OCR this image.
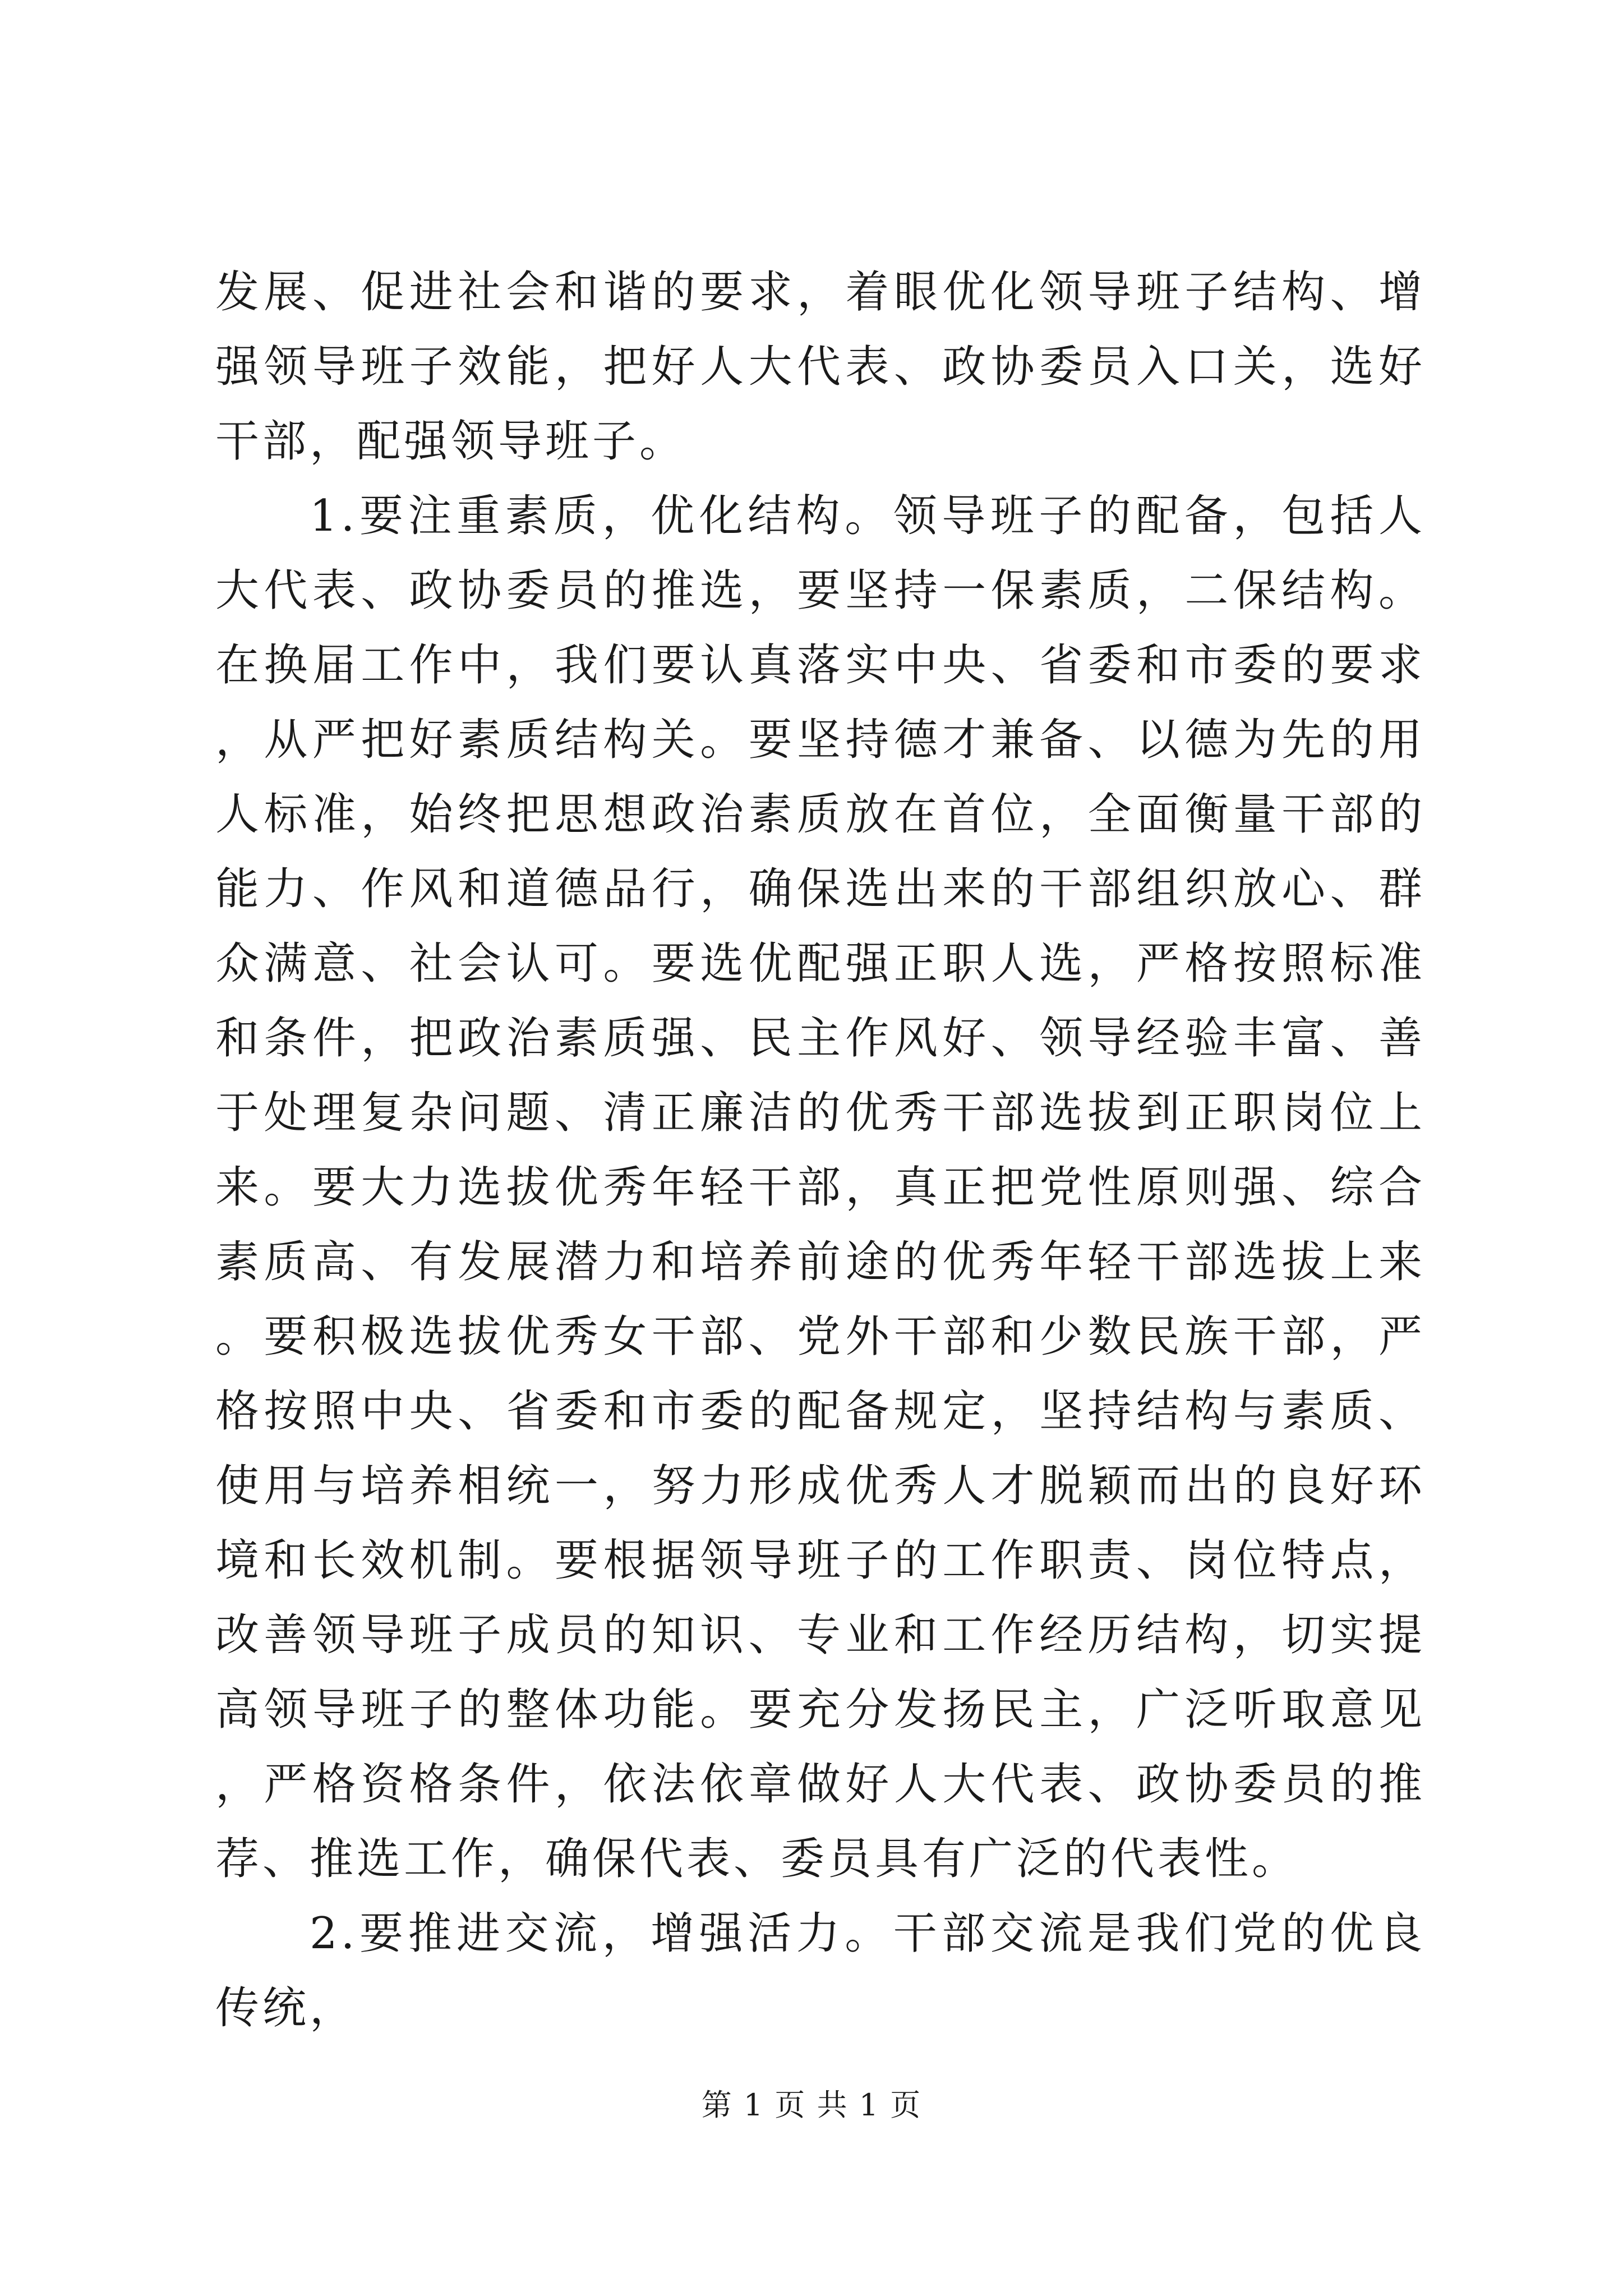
发展、促进社会和谐的要求，着眼优化领导班子结构、增强领导班子效能，把好人大代表、政协委员入口关，选好干部，配强领导班子。

1.要注重素质，优化结构。领导班子的配备，包括人大代表、政协委员的推选，要坚持一保素质，二保结构。在换届工作中，我们要认真落实中央、省委和市委的要求，从严把好素质结构关。要坚持德才兼备、以德为先的用人标准，始终把思想政治素质放在首位，全面衡量干部的能力、作风和道德品行，确保选出来的干部组织放心、群众满意、社会认可。要选优配强正职人选，严格按照标准和条件，把政治素质强、民主作风好、领导经验丰富、善于处理复杂问题、清正廉洁的优秀干部选拔到正职岗位上来。要大力选拔优秀年轻干部，真正把党性原则强、综合素质高、有发展潜力和培养前途的优秀年轻干部选拔上来。要积极选拔优秀女干部、党外干部和少数民族干部，严格按照中央、省委和市委的配备规定，坚持结构与素质、使用与培养相统一，努力形成优秀人才脱颖而出的良好环境和长效机制。要根据领导班子的工作职责、岗位特点，改善领导班子成员的知识、专业和工作经历结构，切实提高领导班子的整体功能。要充分发扬民主，广泛听取意见，严格资格条件，依法依章做好人大代表、政协委员的推荐、推选工作，确保代表、委员具有广泛的代表性。

2.要推进交流，增强活力。干部交流是我们党的优良传统，

第 1 页 共 1 页
